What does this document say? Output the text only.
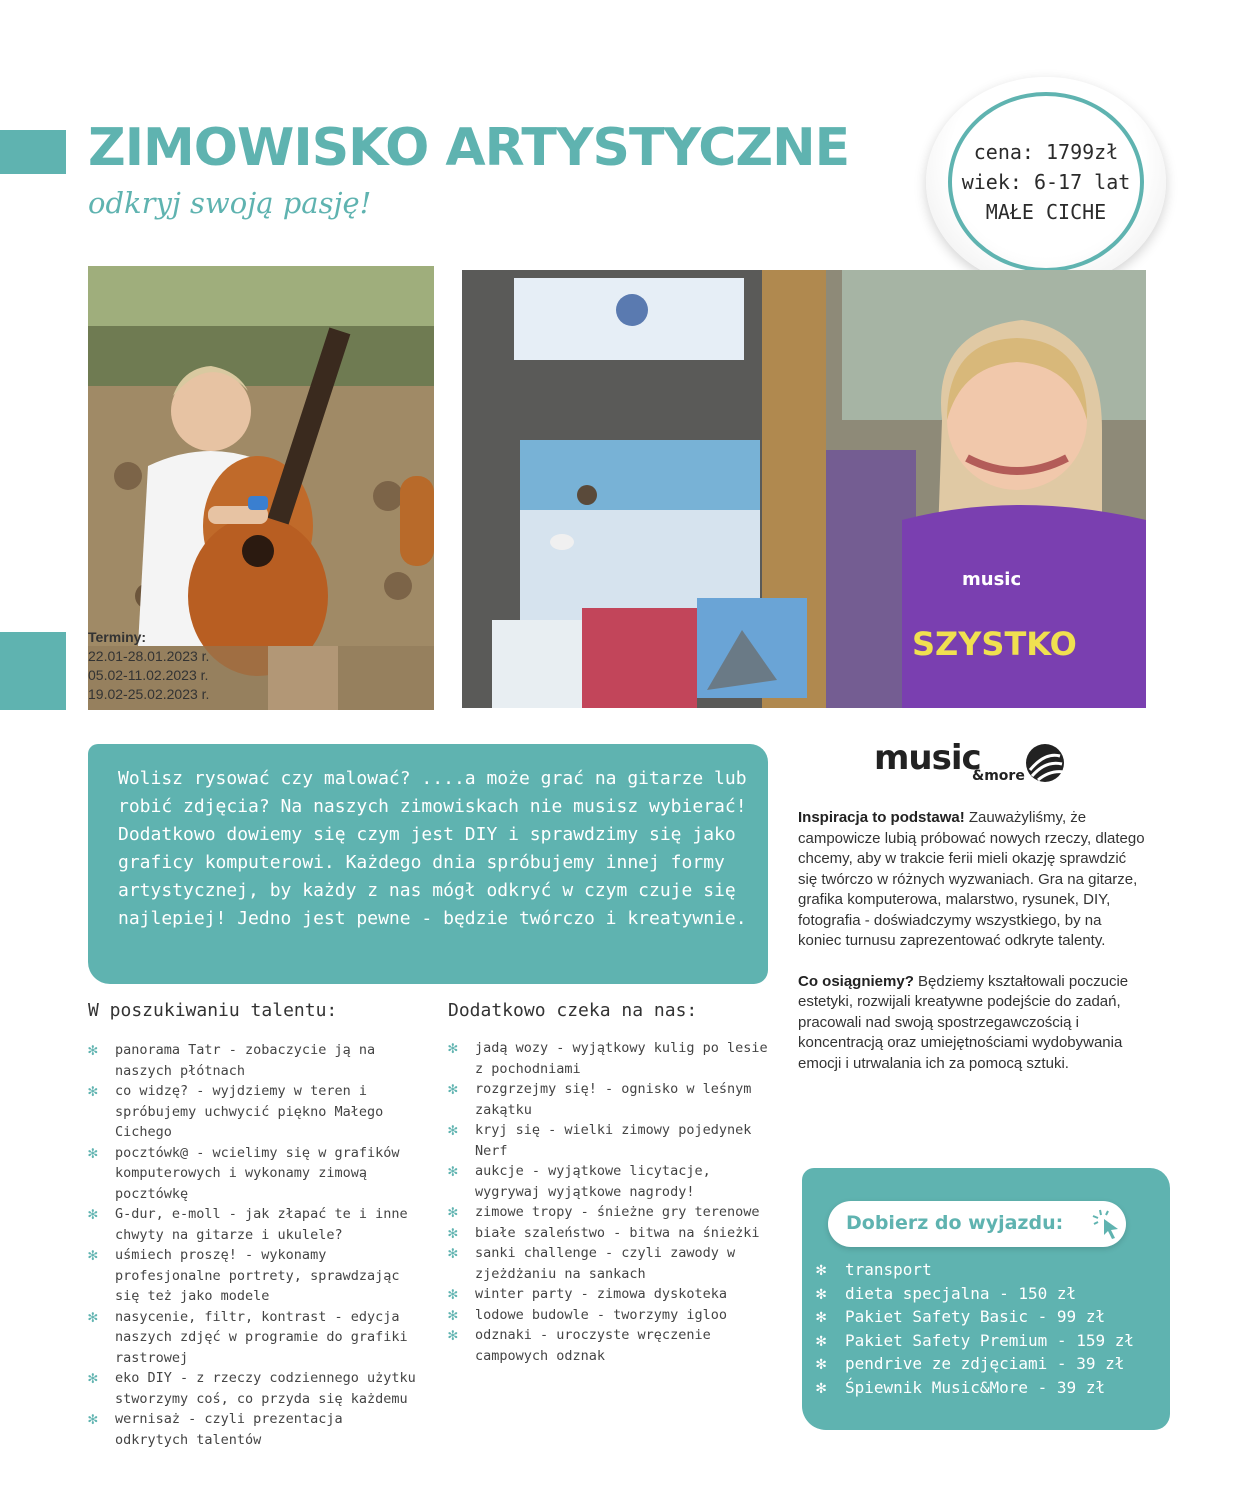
ZIMOWISKO ARTYSTYCZNE
odkryj swoją pasję!
cena: 1799zł
wiek: 6-17 lat
MAŁE CICHE
music
SZYSTKO
Terminy:
22.01-28.01.2023 r.
05.02-11.02.2023 r.
19.02-25.02.2023 r.
Wolisz rysować czy malować? ....a może grać na gitarze lub robić zdjęcia? Na naszych zimowiskach nie musisz wybierać! Dodatkowo dowiemy się czym jest DIY i sprawdzimy się jako graficy komputerowi. Każdego dnia spróbujemy innej formy artystycznej, by każdy z nas mógł odkryć w czym czuje się najlepiej! Jedno jest pewne - będzie twórczo i kreatywnie.
music
&more

Inspiracja to podstawa! Zauważyliśmy, że campowicze lubią próbować nowych rzeczy, dlatego chcemy, aby w trakcie ferii mieli okazję sprawdzić się twórczo w różnych wyzwaniach. Gra na gitarze, grafika komputerowa, malarstwo, rysunek, DIY, fotografia - doświadczymy wszystkiego, by na koniec turnusu zaprezentować odkryte talenty.

Co osiągniemy? Będziemy kształtowali poczucie estetyki, rozwijali kreatywne podejście do zadań, pracowali nad swoją spostrzegawczością i koncentracją oraz umiejętnościami wydobywania emocji i utrwalania ich za pomocą sztuki.

W poszukiwaniu talentu:
✻ panorama Tatr - zobaczycie ją na naszych płótnach
✻ co widzę? - wyjdziemy w teren i spróbujemy uchwycić piękno Małego Cichego
✻ pocztówk@ - wcielimy się w grafików komputerowych i wykonamy zimową pocztówkę
✻ G-dur, e-moll - jak złapać te i inne chwyty na gitarze i ukulele?
✻ uśmiech proszę! - wykonamy profesjonalne portrety, sprawdzając się też jako modele
✻ nasycenie, filtr, kontrast - edycja naszych zdjęć w programie do grafiki rastrowej
✻ eko DIY - z rzeczy codziennego użytku stworzymy coś, co przyda się każdemu
✻ wernisaż - czyli prezentacja odkrytych talentów
Dodatkowo czeka na nas:
✻ jadą wozy - wyjątkowy kulig po lesie z pochodniami
✻ rozgrzejmy się! - ognisko w leśnym zakątku
✻ kryj się - wielki zimowy pojedynek Nerf
✻ aukcje - wyjątkowe licytacje, wygrywaj wyjątkowe nagrody!
✻ zimowe tropy - śnieżne gry terenowe
✻ białe szaleństwo - bitwa na śnieżki
✻ sanki challenge - czyli zawody w zjeżdżaniu na sankach
✻ winter party - zimowa dyskoteka
✻ lodowe budowle - tworzymy igloo
✻ odznaki - uroczyste wręczenie campowych odznak
Dobierz do wyjazdu:
✻ transport
✻ dieta specjalna - 150 zł
✻ Pakiet Safety Basic - 99 zł
✻ Pakiet Safety Premium - 159 zł
✻ pendrive ze zdjęciami - 39 zł
✻ Śpiewnik Music&More - 39 zł
